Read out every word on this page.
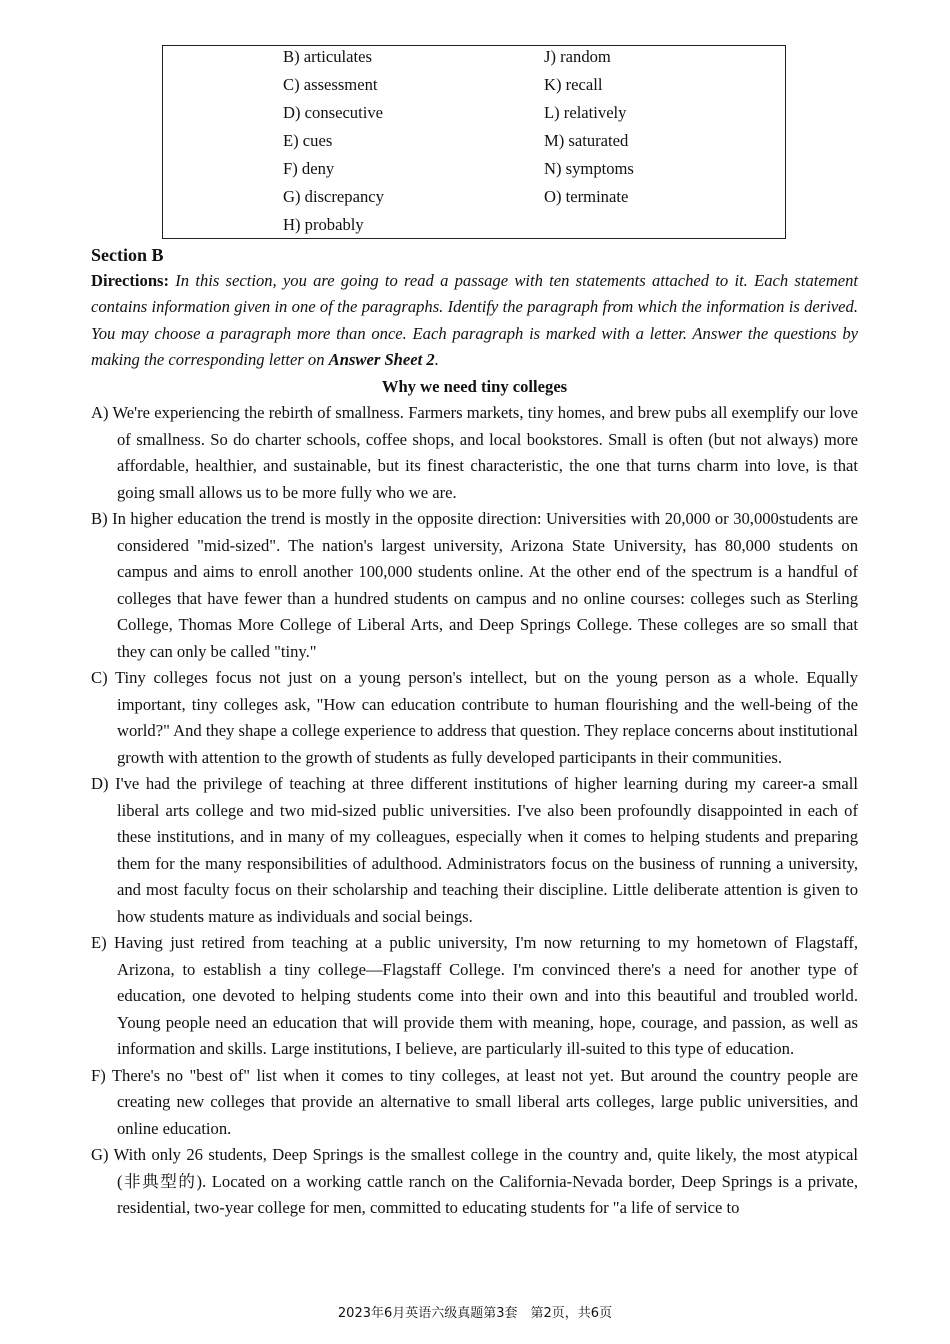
B) articulates
C) assessment
D) consecutive
E) cues
F) deny
G) discrepancy
H) probably
J) random
K) recall
L) relatively
M) saturated
N) symptoms
O) terminate
Section B
Directions: In this section, you are going to read a passage with ten statements attached to it. Each statement contains information given in one of the paragraphs. Identify the paragraph from which the information is derived. You may choose a paragraph more than once. Each paragraph is marked with a letter. Answer the questions by making the corresponding letter on Answer Sheet 2.
Why we need tiny colleges
A) We're experiencing the rebirth of smallness. Farmers markets, tiny homes, and brew pubs all exemplify our love of smallness. So do charter schools, coffee shops, and local bookstores. Small is often (but not always) more affordable, healthier, and sustainable, but its finest characteristic, the one that turns charm into love, is that going small allows us to be more fully who we are.
B) In higher education the trend is mostly in the opposite direction: Universities with 20,000 or 30,000students are considered "mid-sized". The nation's largest university, Arizona State University, has 80,000 students on campus and aims to enroll another 100,000 students online. At the other end of the spectrum is a handful of colleges that have fewer than a hundred students on campus and no online courses: colleges such as Sterling College, Thomas More College of Liberal Arts, and Deep Springs College. These colleges are so small that they can only be called "tiny."
C) Tiny colleges focus not just on a young person's intellect, but on the young person as a whole. Equally important, tiny colleges ask, "How can education contribute to human flourishing and the well-being of the world?" And they shape a college experience to address that question. They replace concerns about institutional growth with attention to the growth of students as fully developed participants in their communities.
D) I've had the privilege of teaching at three different institutions of higher learning during my career-a small liberal arts college and two mid-sized public universities. I've also been profoundly disappointed in each of these institutions, and in many of my colleagues, especially when it comes to helping students and preparing them for the many responsibilities of adulthood. Administrators focus on the business of running a university, and most faculty focus on their scholarship and teaching their discipline. Little deliberate attention is given to how students mature as individuals and social beings.
E) Having just retired from teaching at a public university, I'm now returning to my hometown of Flagstaff, Arizona, to establish a tiny college—Flagstaff College. I'm convinced there's a need for another type of education, one devoted to helping students come into their own and into this beautiful and troubled world. Young people need an education that will provide them with meaning, hope, courage, and passion, as well as information and skills. Large institutions, I believe, are particularly ill-suited to this type of education.
F) There's no "best of" list when it comes to tiny colleges, at least not yet. But around the country people are creating new colleges that provide an alternative to small liberal arts colleges, large public universities, and online education.
G) With only 26 students, Deep Springs is the smallest college in the country and, quite likely, the most atypical (非典型的). Located on a working cattle ranch on the California-Nevada border, Deep Springs is a private, residential, two-year college for men, committed to educating students for "a life of service to
2023年6月英语六级真题第3套　第2页，共6页
